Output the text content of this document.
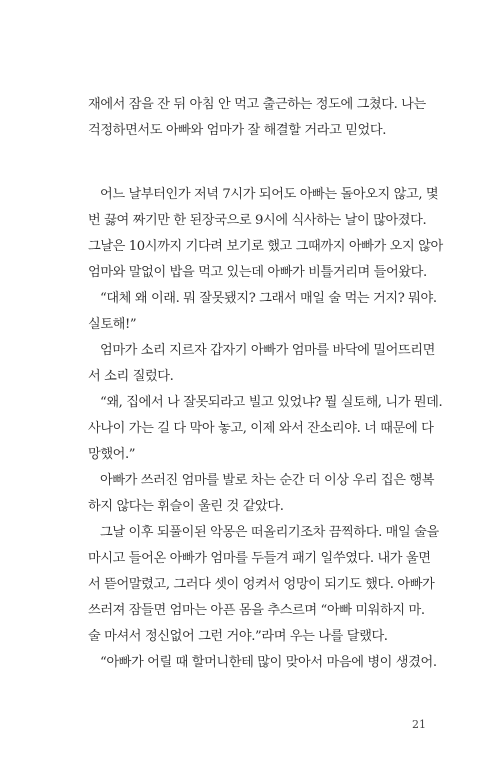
재에서 잠을 잔 뒤 아침 안 먹고 출근하는 정도에 그쳤다. 나는
걱정하면서도 아빠와 엄마가 잘 해결할 거라고 믿었다.
어느 날부터인가 저녁 7시가 되어도 아빠는 돌아오지 않고, 몇
번 끓여 짜기만 한 된장국으로 9시에 식사하는 날이 많아졌다.
그날은 10시까지 기다려 보기로 했고 그때까지 아빠가 오지 않아
엄마와 말없이 밥을 먹고 있는데 아빠가 비틀거리며 들어왔다.
“대체 왜 이래. 뭐 잘못됐지? 그래서 매일 술 먹는 거지? 뭐야.
실토해!”
엄마가 소리 지르자 갑자기 아빠가 엄마를 바닥에 밀어뜨리면
서 소리 질렀다.
“왜, 집에서 나 잘못되라고 빌고 있었냐? 뭘 실토해, 니가 뭔데.
사나이 가는 길 다 막아 놓고, 이제 와서 잔소리야. 너 때문에 다
망했어.”
아빠가 쓰러진 엄마를 발로 차는 순간 더 이상 우리 집은 행복
하지 않다는 휘슬이 울린 것 같았다.
그날 이후 되풀이된 악몽은 떠올리기조차 끔찍하다. 매일 술을
마시고 들어온 아빠가 엄마를 두들겨 패기 일쑤였다. 내가 울면
서 뜯어말렸고, 그러다 셋이 엉켜서 엉망이 되기도 했다. 아빠가
쓰러져 잠들면 엄마는 아픈 몸을 추스르며 “아빠 미워하지 마.
술 마셔서 정신없어 그런 거야.”라며 우는 나를 달랬다.
“아빠가 어릴 때 할머니한테 많이 맞아서 마음에 병이 생겼어.
21
